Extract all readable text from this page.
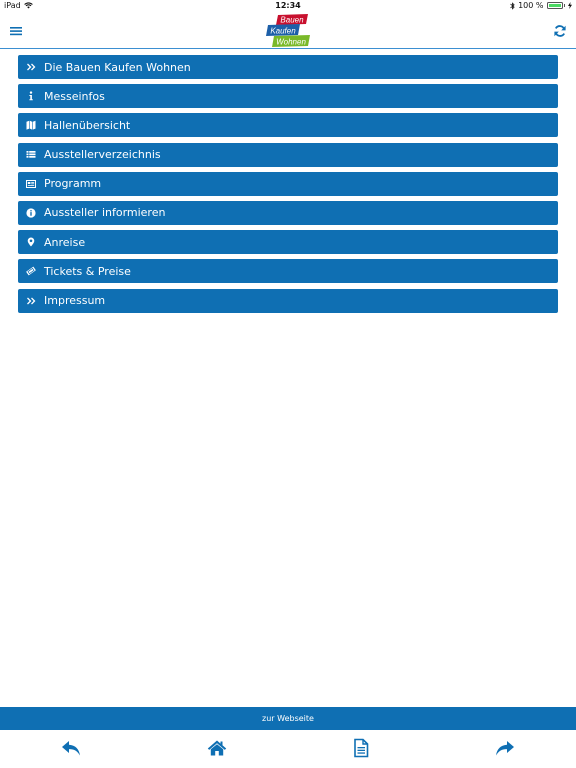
iPad	12:34	100 %
Bauen
Kaufen
Wohnen
Die Bauen Kaufen Wohnen
Messeinfos
Hallenübersicht
Ausstellerverzeichnis
Programm
Aussteller informieren
Anreise
Tickets & Preise
Impressum
zur Webseite
